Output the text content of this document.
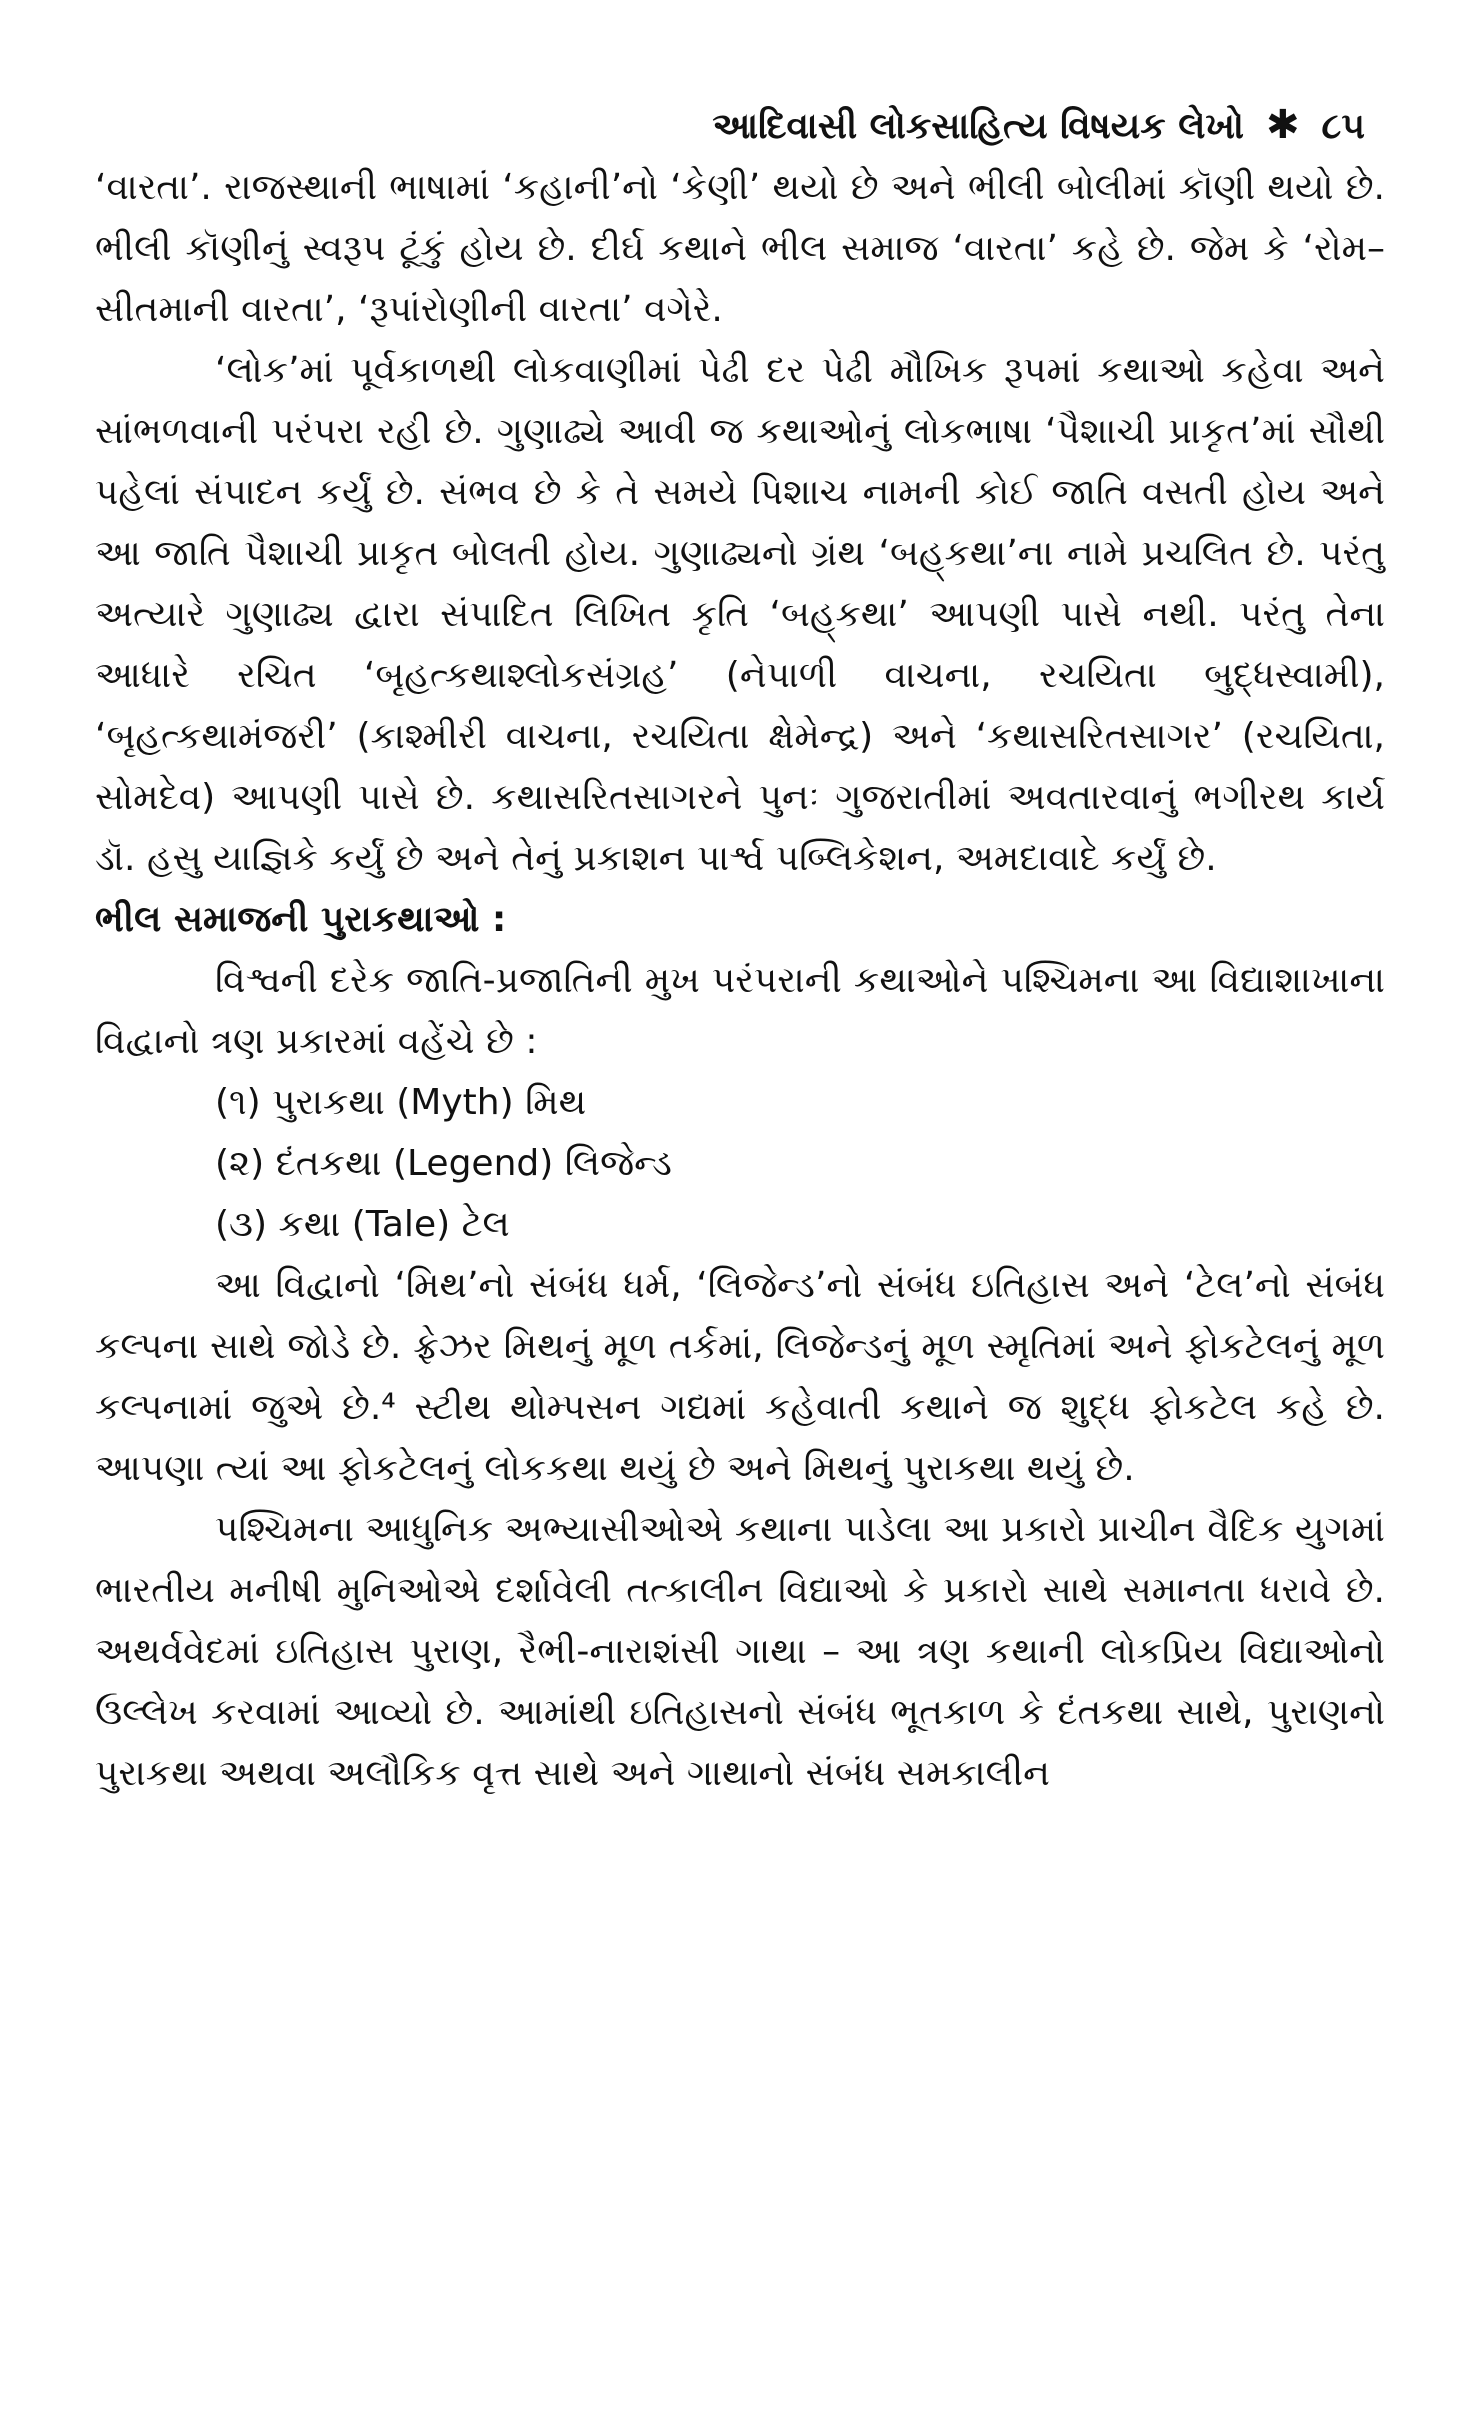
આદિવાસી લોકસાહિત્ય વિષયક લેખો ✱ ૮૫

‘વારતા’. રાજસ્થાની ભાષામાં ‘કહાની’નો ‘કેણી’ થયો છે અને ભીલી બોલીમાં કૉણી થયો છે. ભીલી કૉણીનું સ્વરૂપ ટૂંકું હોય છે. દીર્ઘ કથાને ભીલ સમાજ ‘વારતા’ કહે છે. જેમ કે ‘રોમ–સીતમાની વારતા’, ‘રૂપાંરોણીની વારતા’ વગેરે.

‘લોક’માં પૂર્વકાળથી લોકવાણીમાં પેઢી દર પેઢી મૌખિક રૂપમાં કથાઓ કહેવા અને સાંભળવાની પરંપરા રહી છે. ગુણાઢ્યે આવી જ કથાઓનું લોકભાષા ‘પૈશાચી પ્રાકૃત’માં સૌથી પહેલાં સંપાદન કર્યું છે. સંભવ છે કે તે સમયે પિશાચ નામની કોઈ જાતિ વસતી હોય અને આ જાતિ પૈશાચી પ્રાકૃત બોલતી હોય. ગુણાઢ્યનો ગ્રંથ ‘બહ્‌કથા’ના નામે પ્રચલિત છે. પરંતુ અત્યારે ગુણાઢ્ય દ્વારા સંપાદિત લિખિત કૃતિ ‘બહ્‌કથા’ આપણી પાસે નથી. પરંતુ તેના આધારે રચિત ‘બૃહત્કથાશ્લોકસંગ્રહ’ (નેપાળી વાચના, રચયિતા બુદ્ધસ્વામી), ‘બૃહત્કથામંજરી’ (કાશ્મીરી વાચના, રચયિતા ક્ષેમેન્દ્ર) અને ‘કથાસરિતસાગર’ (રચયિતા, સોમદેવ) આપણી પાસે છે. કથાસરિતસાગરને પુનઃ ગુજરાતીમાં અવતારવાનું ભગીરથ કાર્ય ડૉ. હસુ યાજ્ઞિકે કર્યું છે અને તેનું પ્રકાશન પાર્શ્વ પબ્લિકેશન, અમદાવાદે કર્યું છે.

ભીલ સમાજની પુરાકથાઓ :

વિશ્વની દરેક જાતિ-પ્રજાતિની મુખ પરંપરાની કથાઓને પશ્ચિમના આ વિદ્યાશાખાના વિદ્વાનો ત્રણ પ્રકારમાં વહેંચે છે :

(૧) પુરાકથા (Myth) મિથ
(૨) દંતકથા (Legend) લિજેન્ડ
(૩) કથા (Tale) ટેલ

આ વિદ્વાનો ‘મિથ’નો સંબંધ ધર્મ, ‘લિજેન્ડ’નો સંબંધ ઇતિહાસ અને ‘ટેલ’નો સંબંધ કલ્પના સાથે જોડે છે. ફ્રેઝર મિથનું મૂળ તર્કમાં, લિજેન્ડનું મૂળ સ્મૃતિમાં અને ફોકટેલનું મૂળ કલ્પનામાં જુએ છે.⁴ સ્ટીથ થોમ્પસન ગદ્યમાં કહેવાતી કથાને જ શુદ્ધ ફોકટેલ કહે છે. આપણા ત્યાં આ ફોકટેલનું લોકકથા થયું છે અને મિથનું પુરાકથા થયું છે.

પશ્ચિમના આધુનિક અભ્યાસીઓએ કથાના પાડેલા આ પ્રકારો પ્રાચીન વૈદિક યુગમાં ભારતીય મનીષી મુનિઓએ દર્શાવેલી તત્કાલીન વિદ્યાઓ કે પ્રકારો સાથે સમાનતા ધરાવે છે. અથર્વવેદમાં ઇતિહાસ પુરાણ, રૈભી-નારાશંસી ગાથા – આ ત્રણ કથાની લોકપ્રિય વિદ્યાઓનો ઉલ્લેખ કરવામાં આવ્યો છે. આમાંથી ઇતિહાસનો સંબંધ ભૂતકાળ કે દંતકથા સાથે, પુરાણનો પુરાકથા અથવા અલૌકિક વૃત્ત સાથે અને ગાથાનો સંબંધ સમકાલીન
